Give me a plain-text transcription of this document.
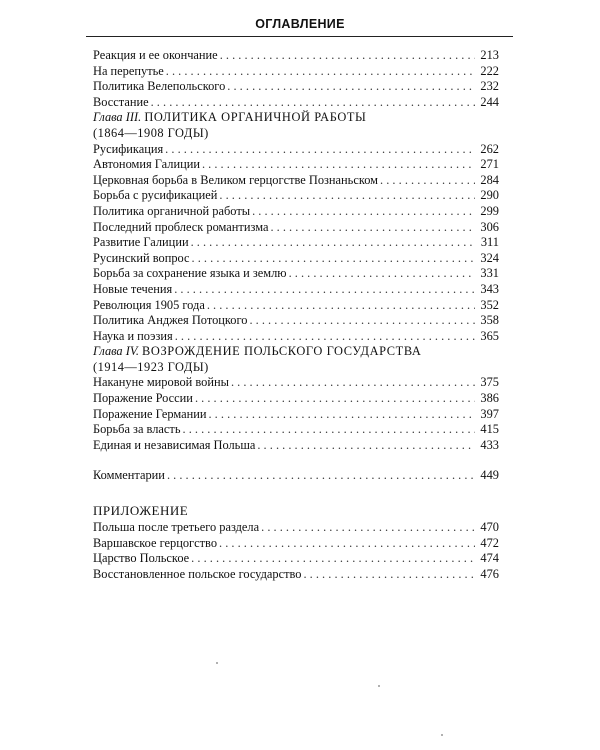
ОГЛАВЛЕНИЕ
Реакция и ее окончание . . .	213
На перепутье . . .	222
Политика Велепольского . . .	232
Восстание . . .	244
Глава III. ПОЛИТИКА ОРГАНИЧНОЙ РАБОТЫ
(1864—1908 ГОДЫ)
Русификация . . .	262
Автономия Галиции . . .	271
Церковная борьба в Великом герцогстве Познаньском . . .	284
Борьба с русификацией . . .	290
Политика органичной работы . . .	299
Последний проблеск романтизма . . .	306
Развитие Галиции . . .	311
Русинский вопрос . . .	324
Борьба за сохранение языка и землю . . .	331
Новые течения . . .	343
Революция 1905 года . . .	352
Политика Анджея Потоцкого . . .	358
Наука и поэзия . . .	365
Глава IV. ВОЗРОЖДЕНИЕ ПОЛЬСКОГО ГОСУДАРСТВА
(1914—1923 ГОДЫ)
Накануне мировой войны . . .	375
Поражение России . . .	386
Поражение Германии . . .	397
Борьба за власть . . .	415
Единая и независимая Польша . . .	433
Комментарии . . .	449
ПРИЛОЖЕНИЕ
Польша после третьего раздела . . .	470
Варшавское герцогство . . .	472
Царство Польское . . .	474
Восстановленное польское государство . . .	476
